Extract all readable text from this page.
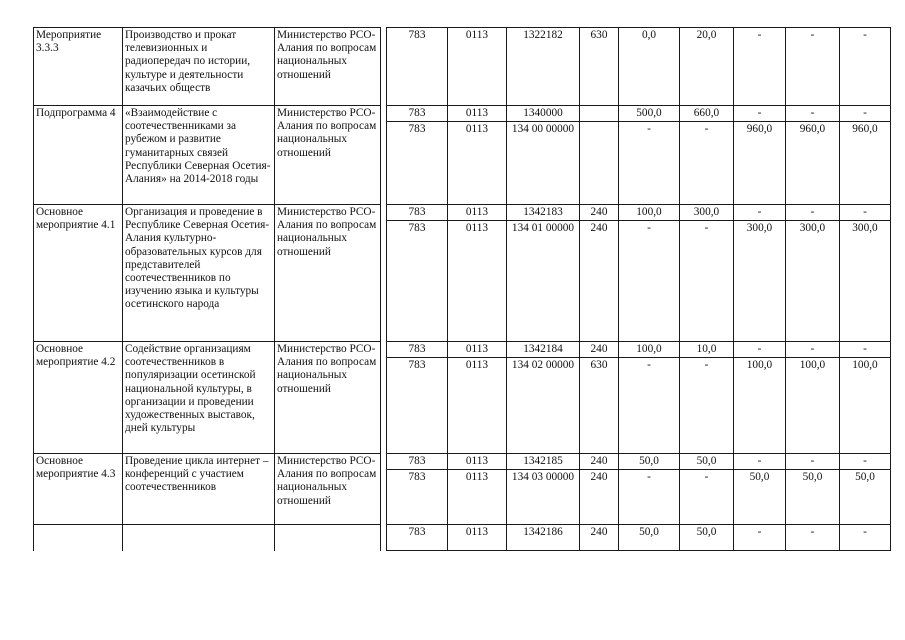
Мероприятие 3.3.3	Производство и прокат телевизионных и радиопередач по истории, культуре и деятельности казачьих обществ	Министерство РСО-Алания по вопросам национальных отношений		783	0113	1322182	630	0,0	20,0	-	-	-
Подпрограмма 4	«Взаимодействие с соотечественниками за рубежом и развитие гуманитарных связей Республики Северная Осетия-Алания» на 2014-2018 годы	Министерство РСО-Алания по вопросам национальных отношений		783	0113	1340000		500,0	660,0	-	-	-
				783	0113	134 00 00000		-	-	960,0	960,0	960,0
Основное мероприятие 4.1	Организация и проведение в Республике Северная Осетия-Алания культурно-образовательных курсов для представителей соотечественников по изучению языка и культуры осетинского народа	Министерство РСО-Алания по вопросам национальных отношений		783	0113	1342183	240	100,0	300,0	-	-	-
				783	0113	134 01 00000	240	-	-	300,0	300,0	300,0
Основное мероприятие 4.2	Содействие организациям соотечественников в популяризации осетинской национальной культуры, в организации и проведении художественных выставок, дней культуры	Министерство РСО-Алания по вопросам национальных отношений		783	0113	1342184	240	100,0	10,0	-	-	-
				783	0113	134 02 00000	630	-	-	100,0	100,0	100,0
Основное мероприятие 4.3	Проведение цикла интернет – конференций с участием соотечественников	Министерство РСО-Алания по вопросам национальных отношений		783	0113	1342185	240	50,0	50,0	-	-	-
				783	0113	134 03 00000	240	-	-	50,0	50,0	50,0
				783	0113	1342186	240	50,0	50,0	-	-	-
